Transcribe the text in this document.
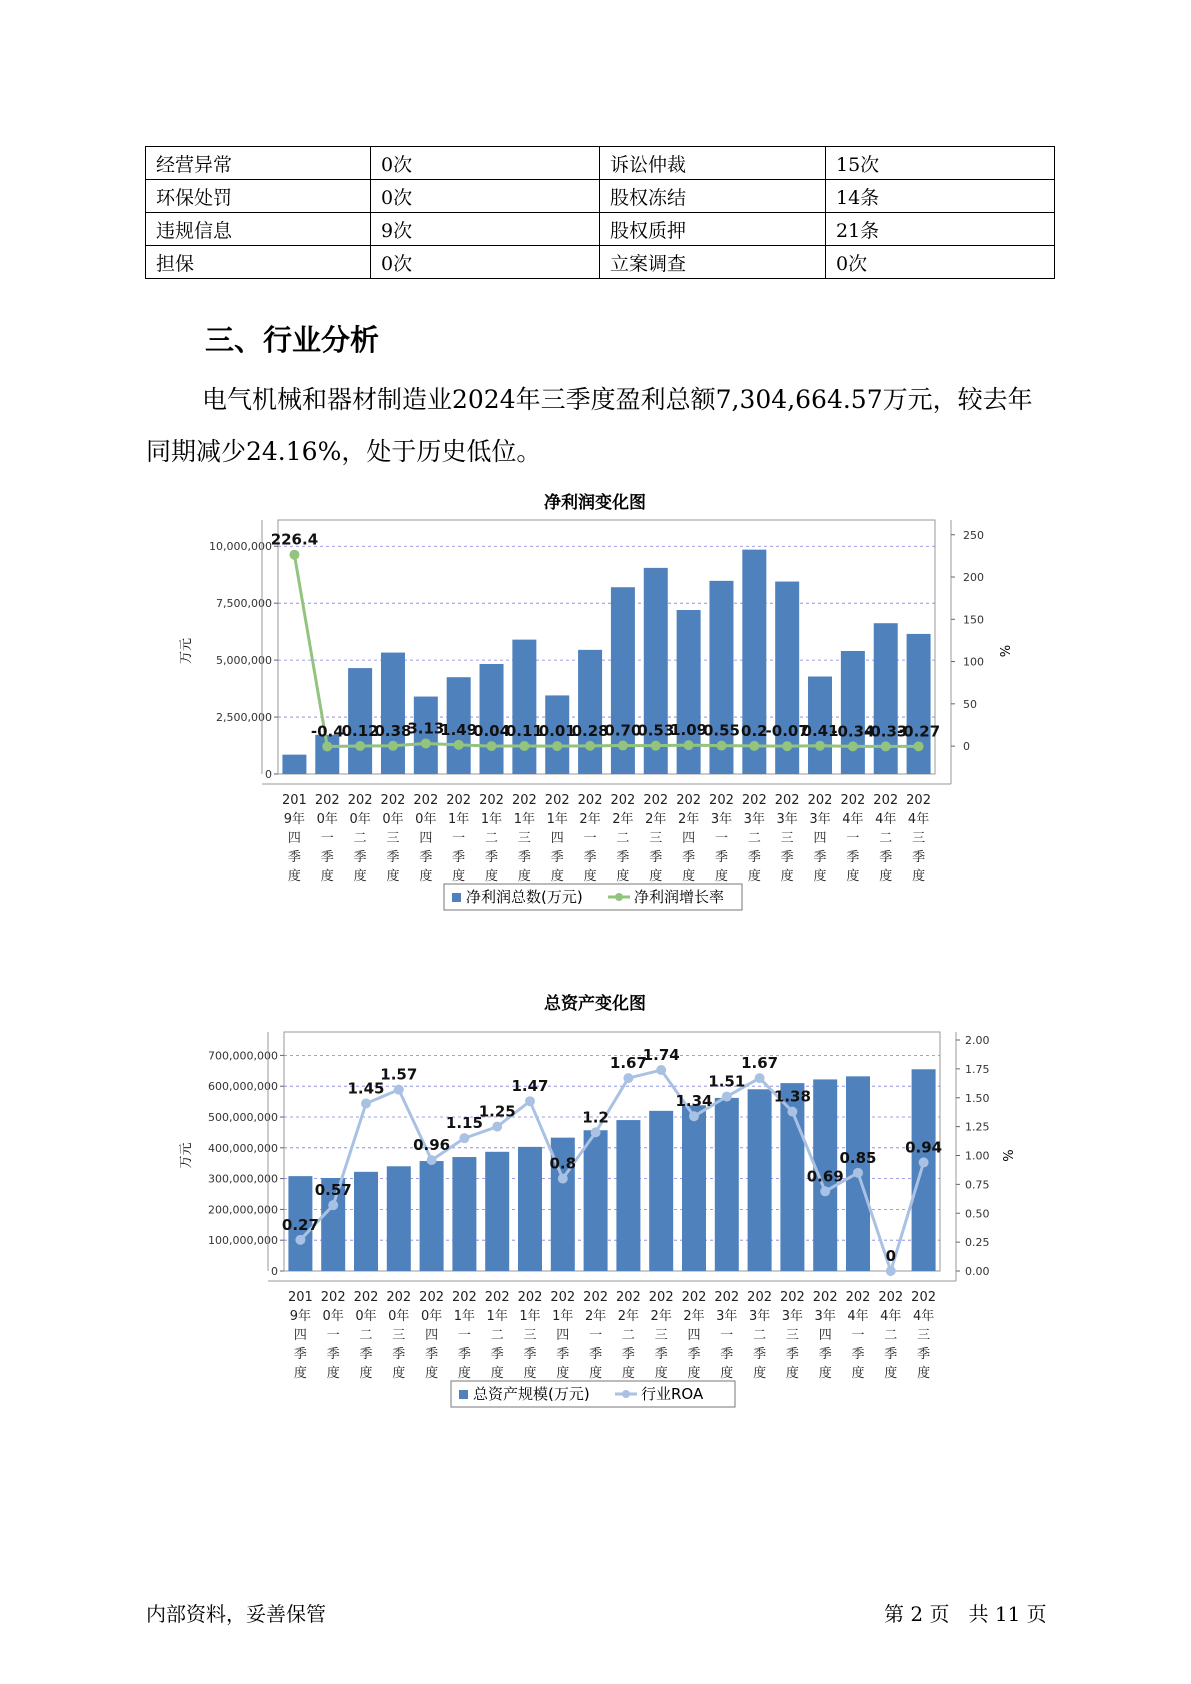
经营异常	0次	诉讼仲裁	15次
环保处罚	0次	股权冻结	14条
违规信息	9次	股权质押	21条
担保	0次	立案调查	0次
三、行业分析

电气机械和器材制造业2024年三季度盈利总额7,304,664.57万元，较去年同期减少24.16%，处于历史低位。

净利润变化图
0
2,500,000
5,000,000
7,500,000
10,000,000
0
50
100
150
200
250
万元	%
226.4
-0.4
0.12
0.38
3.13
1.49
0.04
0.11
0.01
0.28
0.70
0.53
1.09
0.55 0.2
-0.07
0.41
-0.34
-0.33
-0.27
201 9年四季度
202 0年一季度
202 0年二季度
202 0年三季度
202 0年四季度
202 1年一季度
202 1年二季度
202 1年三季度
202 1年四季度
202 2年一季度
202 2年二季度
202 2年三季度
202 2年四季度
202 3年一季度
202 3年二季度
202 3年三季度
202 3年四季度
202 4年一季度
202 4年二季度
202 4年三季度
净利润总数(万元)	净利润增长率
总资产变化图
0
100,000,000
200,000,000
300,000,000
400,000,000
500,000,000
600,000,000
700,000,000
0.00
0.25
0.50
0.75
1.00
1.25
1.50
1.75
2.00
万元	%
0.27
0.57
1.45
1.57
0.96
1.15
1.25
1.47
0.8
1.2
1.67
1.74
1.34
1.51
1.67
1.38
0.69
0.85
0
0.94
201 9年四季度
202 0年一季度
202 0年二季度
202 0年三季度
202 0年四季度
202 1年一季度
202 1年二季度
202 1年三季度
202 1年四季度
202 2年一季度
202 2年二季度
202 2年三季度
202 2年四季度
202 3年一季度
202 3年二季度
202 3年三季度
202 3年四季度
202 4年一季度
202 4年二季度
202 4年三季度
总资产规模(万元)	行业ROA
内部资料，妥善保管	第 2 页   共 11 页
